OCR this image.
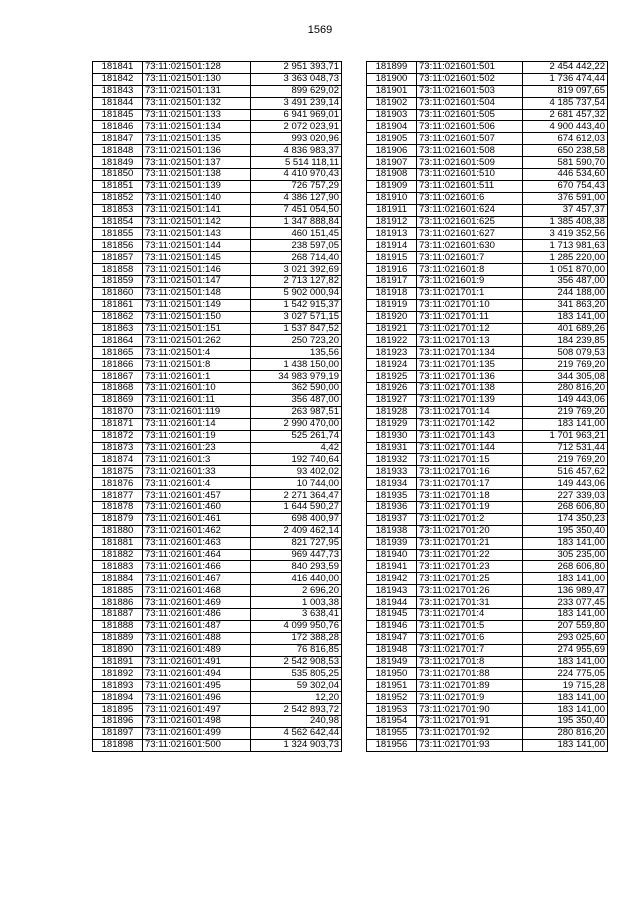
1569
181841	73:11:021501:128	2 951 393,71
181842	73:11:021501:130	3 363 048,73
181843	73:11:021501:131	899 629,02
181844	73:11:021501:132	3 491 239,14
181845	73:11:021501:133	6 941 969,01
181846	73:11:021501:134	2 072 023,91
181847	73:11:021501:135	993 020,96
181848	73:11:021501:136	4 836 983,37
181849	73:11:021501:137	5 514 118,11
181850	73:11:021501:138	4 410 970,43
181851	73:11:021501:139	726 757,29
181852	73:11:021501:140	4 386 127,90
181853	73:11:021501:141	7 451 054,50
181854	73:11:021501:142	1 347 888,84
181855	73:11:021501:143	460 151,45
181856	73:11:021501:144	238 597,05
181857	73:11:021501:145	268 714,40
181858	73:11:021501:146	3 021 392,69
181859	73:11:021501:147	2 713 127,82
181860	73:11:021501:148	5 902 000,94
181861	73:11:021501:149	1 542 915,37
181862	73:11:021501:150	3 027 571,15
181863	73:11:021501:151	1 537 847,52
181864	73:11:021501:262	250 723,20
181865	73:11:021501:4	135,56
181866	73:11:021501:8	1 438 150,00
181867	73:11:021601:1	34 983 979,19
181868	73:11:021601:10	362 590,00
181869	73:11:021601:11	356 487,00
181870	73:11:021601:119	263 987,51
181871	73:11:021601:14	2 990 470,00
181872	73:11:021601:19	525 261,74
181873	73:11:021601:23	4,42
181874	73:11:021601:3	192 740,64
181875	73:11:021601:33	93 402,02
181876	73:11:021601:4	10 744,00
181877	73:11:021601:457	2 271 364,47
181878	73:11:021601:460	1 644 590,27
181879	73:11:021601:461	698 400,97
181880	73:11:021601:462	2 409 462,14
181881	73:11:021601:463	821 727,95
181882	73:11:021601:464	969 447,73
181883	73:11:021601:466	840 293,59
181884	73:11:021601:467	416 440,00
181885	73:11:021601:468	2 696,20
181886	73:11:021601:469	1 003,38
181887	73:11:021601:486	3 638,41
181888	73:11:021601:487	4 099 950,76
181889	73:11:021601:488	172 388,28
181890	73:11:021601:489	76 816,85
181891	73:11:021601:491	2 542 908,53
181892	73:11:021601:494	535 805,25
181893	73:11:021601:495	59 302,04
181894	73:11:021601:496	12,20
181895	73:11:021601:497	2 542 893,72
181896	73:11:021601:498	240,98
181897	73:11:021601:499	4 562 642,44
181898	73:11:021601:500	1 324 903,73
181899	73:11:021601:501	2 454 442,22
181900	73:11:021601:502	1 736 474,44
181901	73:11:021601:503	819 097,65
181902	73:11:021601:504	4 185 737,54
181903	73:11:021601:505	2 681 457,32
181904	73:11:021601:506	4 900 443,40
181905	73:11:021601:507	674 612,03
181906	73:11:021601:508	650 238,58
181907	73:11:021601:509	581 590,70
181908	73:11:021601:510	446 534,60
181909	73:11:021601:511	670 754,43
181910	73:11:021601:6	376 591,00
181911	73:11:021601:624	37 457,37
181912	73:11:021601:625	1 385 408,38
181913	73:11:021601:627	3 419 352,56
181914	73:11:021601:630	1 713 981,63
181915	73:11:021601:7	1 285 220,00
181916	73:11:021601:8	1 051 870,00
181917	73:11:021601:9	356 487,00
181918	73:11:021701:1	244 188,00
181919	73:11:021701:10	341 863,20
181920	73:11:021701:11	183 141,00
181921	73:11:021701:12	401 689,26
181922	73:11:021701:13	184 239,85
181923	73:11:021701:134	508 079,53
181924	73:11:021701:135	219 769,20
181925	73:11:021701:136	344 305,08
181926	73:11:021701:138	280 816,20
181927	73:11:021701:139	149 443,06
181928	73:11:021701:14	219 769,20
181929	73:11:021701:142	183 141,00
181930	73:11:021701:143	1 701 963,21
181931	73:11:021701:144	712 531,44
181932	73:11:021701:15	219 769,20
181933	73:11:021701:16	516 457,62
181934	73:11:021701:17	149 443,06
181935	73:11:021701:18	227 339,03
181936	73:11:021701:19	268 606,80
181937	73:11:021701:2	174 350,23
181938	73:11:021701:20	195 350,40
181939	73:11:021701:21	183 141,00
181940	73:11:021701:22	305 235,00
181941	73:11:021701:23	268 606,80
181942	73:11:021701:25	183 141,00
181943	73:11:021701:26	136 989,47
181944	73:11:021701:31	233 077,45
181945	73:11:021701:4	183 141,00
181946	73:11:021701:5	207 559,80
181947	73:11:021701:6	293 025,60
181948	73:11:021701:7	274 955,69
181949	73:11:021701:8	183 141,00
181950	73:11:021701:88	224 775,05
181951	73:11:021701:89	19 715,28
181952	73:11:021701:9	183 141,00
181953	73:11:021701:90	183 141,00
181954	73:11:021701:91	195 350,40
181955	73:11:021701:92	280 816,20
181956	73:11:021701:93	183 141,00
